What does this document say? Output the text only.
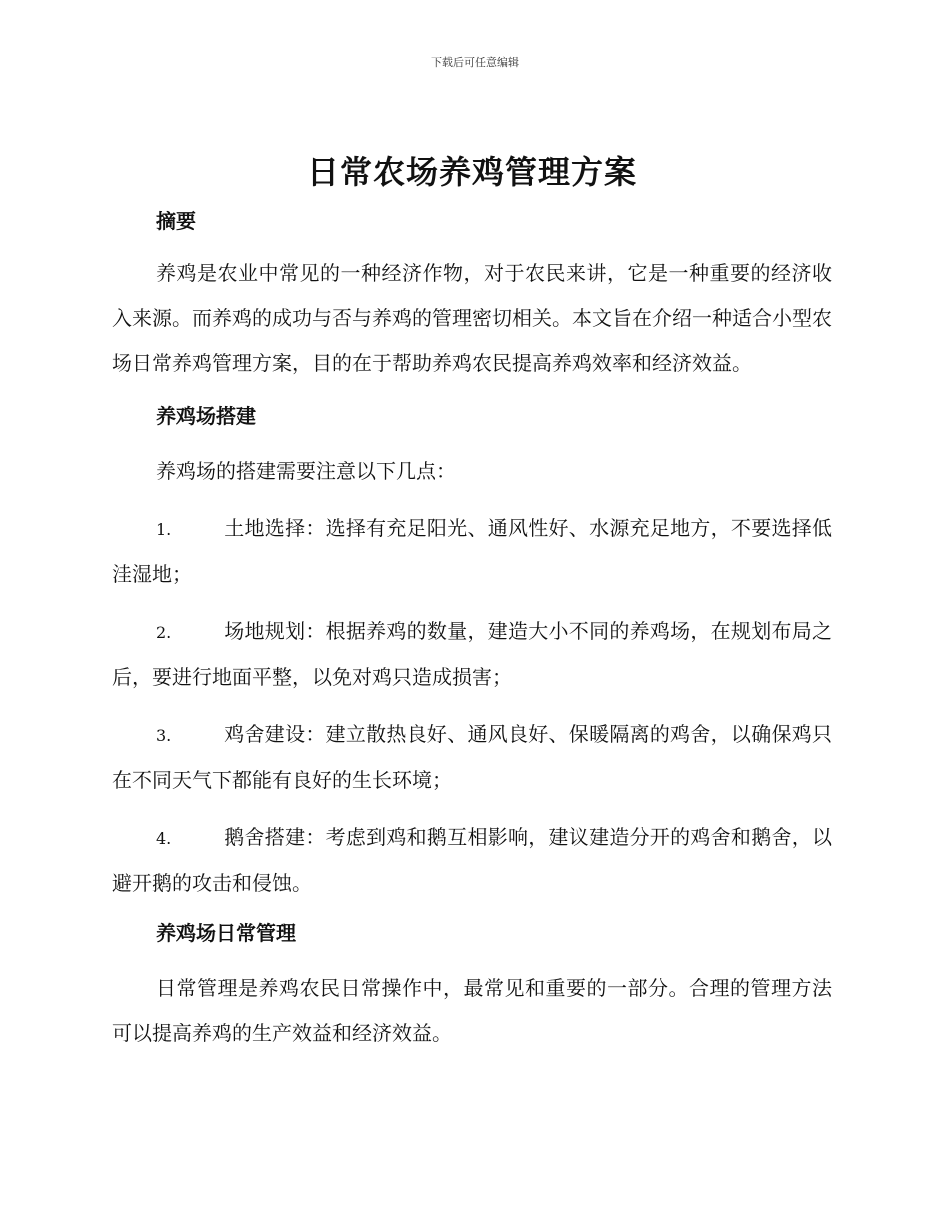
下载后可任意编辑
日常农场养鸡管理方案
摘要

养鸡是农业中常见的一种经济作物，对于农民来讲，它是一种重要的经济收入来源。而养鸡的成功与否与养鸡的管理密切相关。本文旨在介绍一种适合小型农场日常养鸡管理方案，目的在于帮助养鸡农民提高养鸡效率和经济效益。

养鸡场搭建

养鸡场的搭建需要注意以下几点：

1.	土地选择：选择有充足阳光、通风性好、水源充足地方，不要选择低洼湿地；

2.	场地规划：根据养鸡的数量，建造大小不同的养鸡场，在规划布局之后，要进行地面平整，以免对鸡只造成损害；

3.	鸡舍建设：建立散热良好、通风良好、保暖隔离的鸡舍，以确保鸡只在不同天气下都能有良好的生长环境；

4.	鹅舍搭建：考虑到鸡和鹅互相影响，建议建造分开的鸡舍和鹅舍，以避开鹅的攻击和侵蚀。

养鸡场日常管理

日常管理是养鸡农民日常操作中，最常见和重要的一部分。合理的管理方法可以提高养鸡的生产效益和经济效益。
